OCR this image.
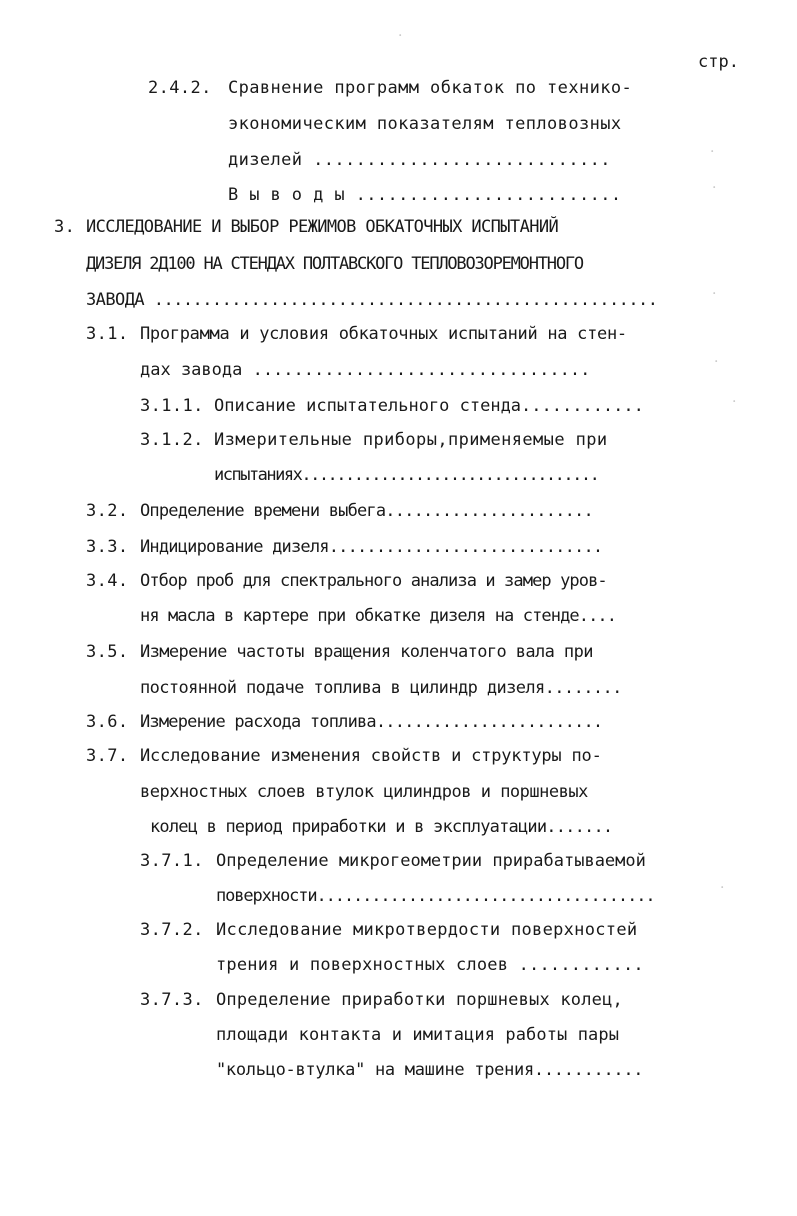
стр.
·
·
·
·
·
·
·
2.4.2. Сравнение программ обкаток по технико-
экономическим показателям тепловозных
дизелей ............................
В ы в о д ы .........................
3. ИССЛЕДОВАНИЕ И ВЫБОР РЕЖИМОВ ОБКАТОЧНЫХ ИСПЫТАНИЙ
ДИЗЕЛЯ 2Д100 НА СТЕНДАХ ПОЛТАВСКОГО ТЕПЛОВОЗОРЕМОНТНОГО
ЗАВОДА ....................................................
3.1. Программа и условия обкаточных испытаний на стен-
дах завода .................................
3.1.1. Описание испытательного стенда............
3.1.2. Измерительные приборы,применяемые при
испытаниях..................................
3.2. Определение времени выбега......................
3.3. Индицирование дизеля.............................
3.4. Отбор проб для спектрального анализа и замер уров-
ня масла в картере при обкатке дизеля на стенде....
3.5. Измерение частоты вращения коленчатого вала при
постоянной подаче топлива в цилиндр дизеля........
3.6. Измерение расхода топлива........................
3.7. Исследование изменения свойств и структуры по-
верхностных слоев втулок цилиндров и поршневых
колец в период приработки и в эксплуатации.......
3.7.1. Определение микрогеометрии прирабатываемой
поверхности.....................................
3.7.2. Исследование микротвердости поверхностей
трения и поверхностных слоев ............
3.7.3. Определение приработки поршневых колец,
площади контакта и имитация работы пары
"кольцо-втулка" на машине трения...........
